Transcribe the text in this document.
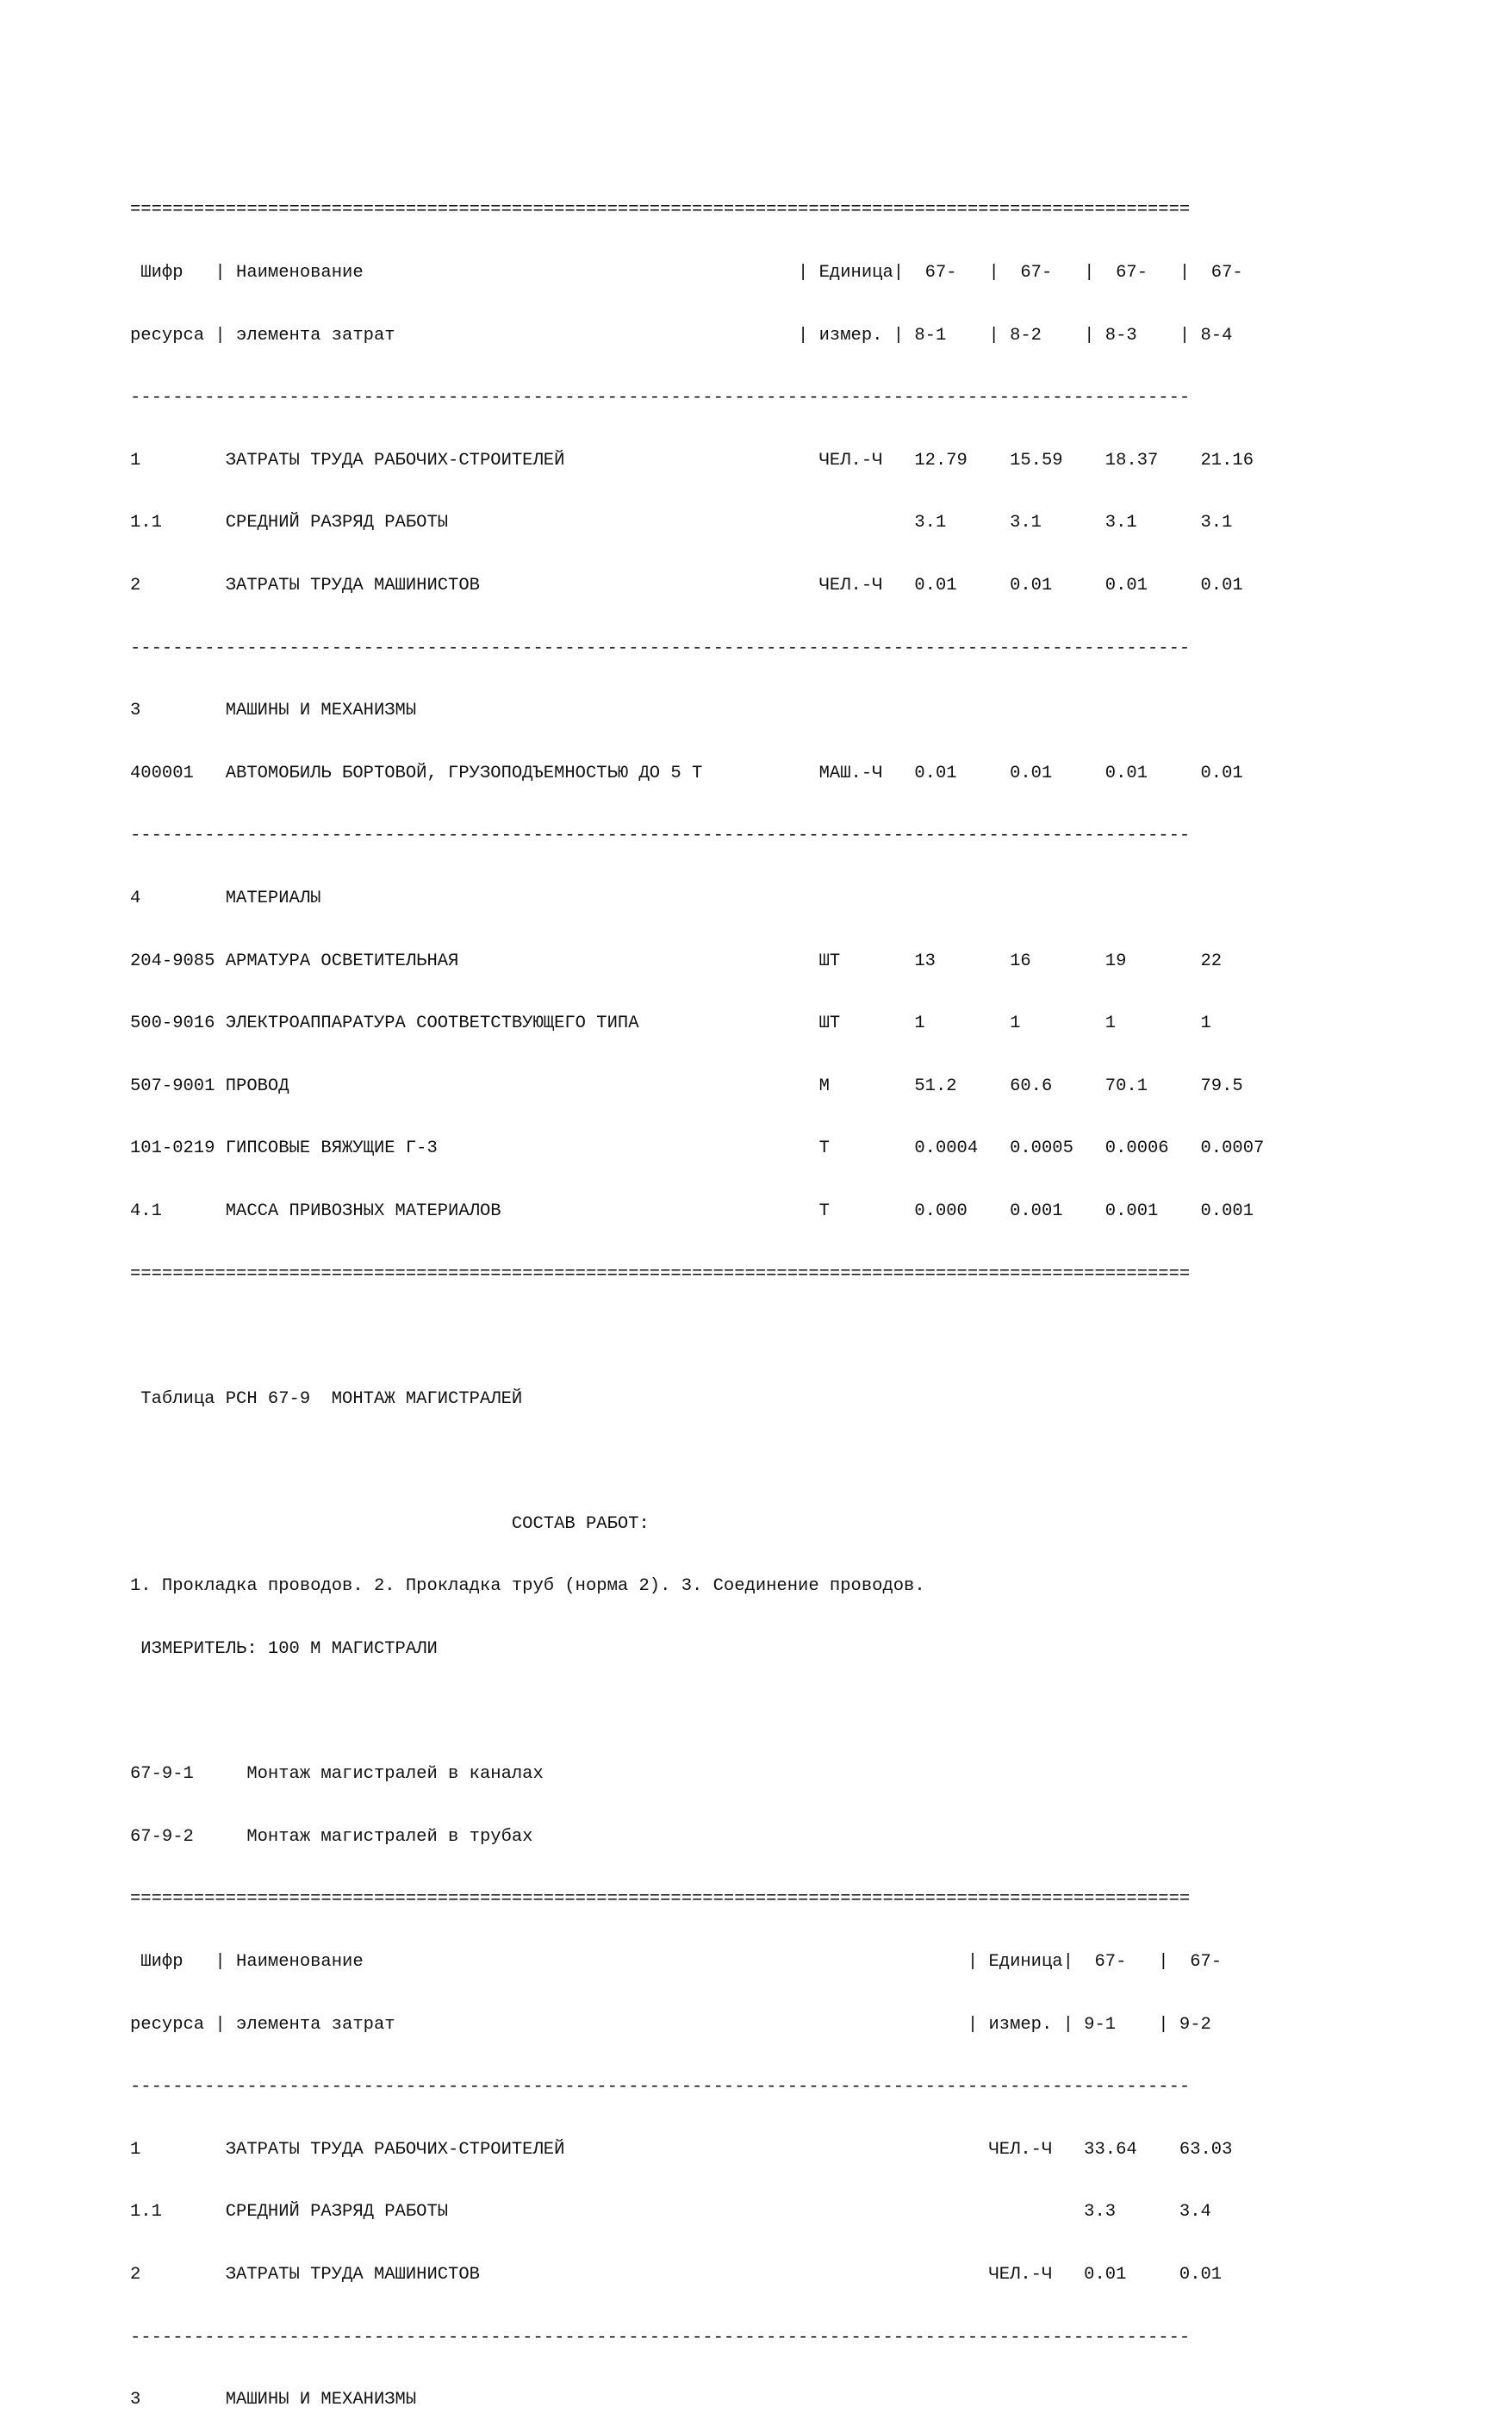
====================================================================================================

Шифр   | Наименование                                         | Единица|  67-   |  67-   |  67-   |  67-

ресурса | элемента затрат                                      | измер. | 8-1    | 8-2    | 8-3    | 8-4

----------------------------------------------------------------------------------------------------

1        ЗАТРАТЫ ТРУДА РАБОЧИХ-СТРОИТЕЛЕЙ                        ЧЕЛ.-Ч   12.79    15.59    18.37    21.16

1.1      СРЕДНИЙ РАЗРЯД РАБОТЫ                                            3.1      3.1      3.1      3.1

2        ЗАТРАТЫ ТРУДА МАШИНИСТОВ                                ЧЕЛ.-Ч   0.01     0.01     0.01     0.01

----------------------------------------------------------------------------------------------------

3        МАШИНЫ И МЕХАНИЗМЫ

400001   АВТОМОБИЛЬ БОРТОВОЙ, ГРУЗОПОДЪЕМНОСТЬЮ ДО 5 Т           МАШ.-Ч   0.01     0.01     0.01     0.01

----------------------------------------------------------------------------------------------------

4        МАТЕРИАЛЫ

204-9085 АРМАТУРА ОСВЕТИТЕЛЬНАЯ                                  ШТ       13       16       19       22

500-9016 ЭЛЕКТРОАППАРАТУРА СООТВЕТСТВУЮЩЕГО ТИПА                 ШТ       1        1        1        1

507-9001 ПРОВОД                                                  М        51.2     60.6     70.1     79.5

101-0219 ГИПСОВЫЕ ВЯЖУЩИЕ Г-3                                    Т        0.0004   0.0005   0.0006   0.0007

4.1      МАССА ПРИВОЗНЫХ МАТЕРИАЛОВ                              Т        0.000    0.001    0.001    0.001

====================================================================================================

Таблица РСН 67-9  МОНТАЖ МАГИСТРАЛЕЙ

СОСТАВ РАБОТ:

1. Прокладка проводов. 2. Прокладка труб (норма 2). 3. Соединение проводов.

ИЗМЕРИТЕЛЬ: 100 М МАГИСТРАЛИ

67-9-1     Монтаж магистралей в каналах

67-9-2     Монтаж магистралей в трубах

====================================================================================================

Шифр   | Наименование                                                         | Единица|  67-   |  67-

ресурса | элемента затрат                                                      | измер. | 9-1    | 9-2

----------------------------------------------------------------------------------------------------

1        ЗАТРАТЫ ТРУДА РАБОЧИХ-СТРОИТЕЛЕЙ                                        ЧЕЛ.-Ч   33.64    63.03

1.1      СРЕДНИЙ РАЗРЯД РАБОТЫ                                                            3.3      3.4

2        ЗАТРАТЫ ТРУДА МАШИНИСТОВ                                                ЧЕЛ.-Ч   0.01     0.01

----------------------------------------------------------------------------------------------------

3        МАШИНЫ И МЕХАНИЗМЫ
